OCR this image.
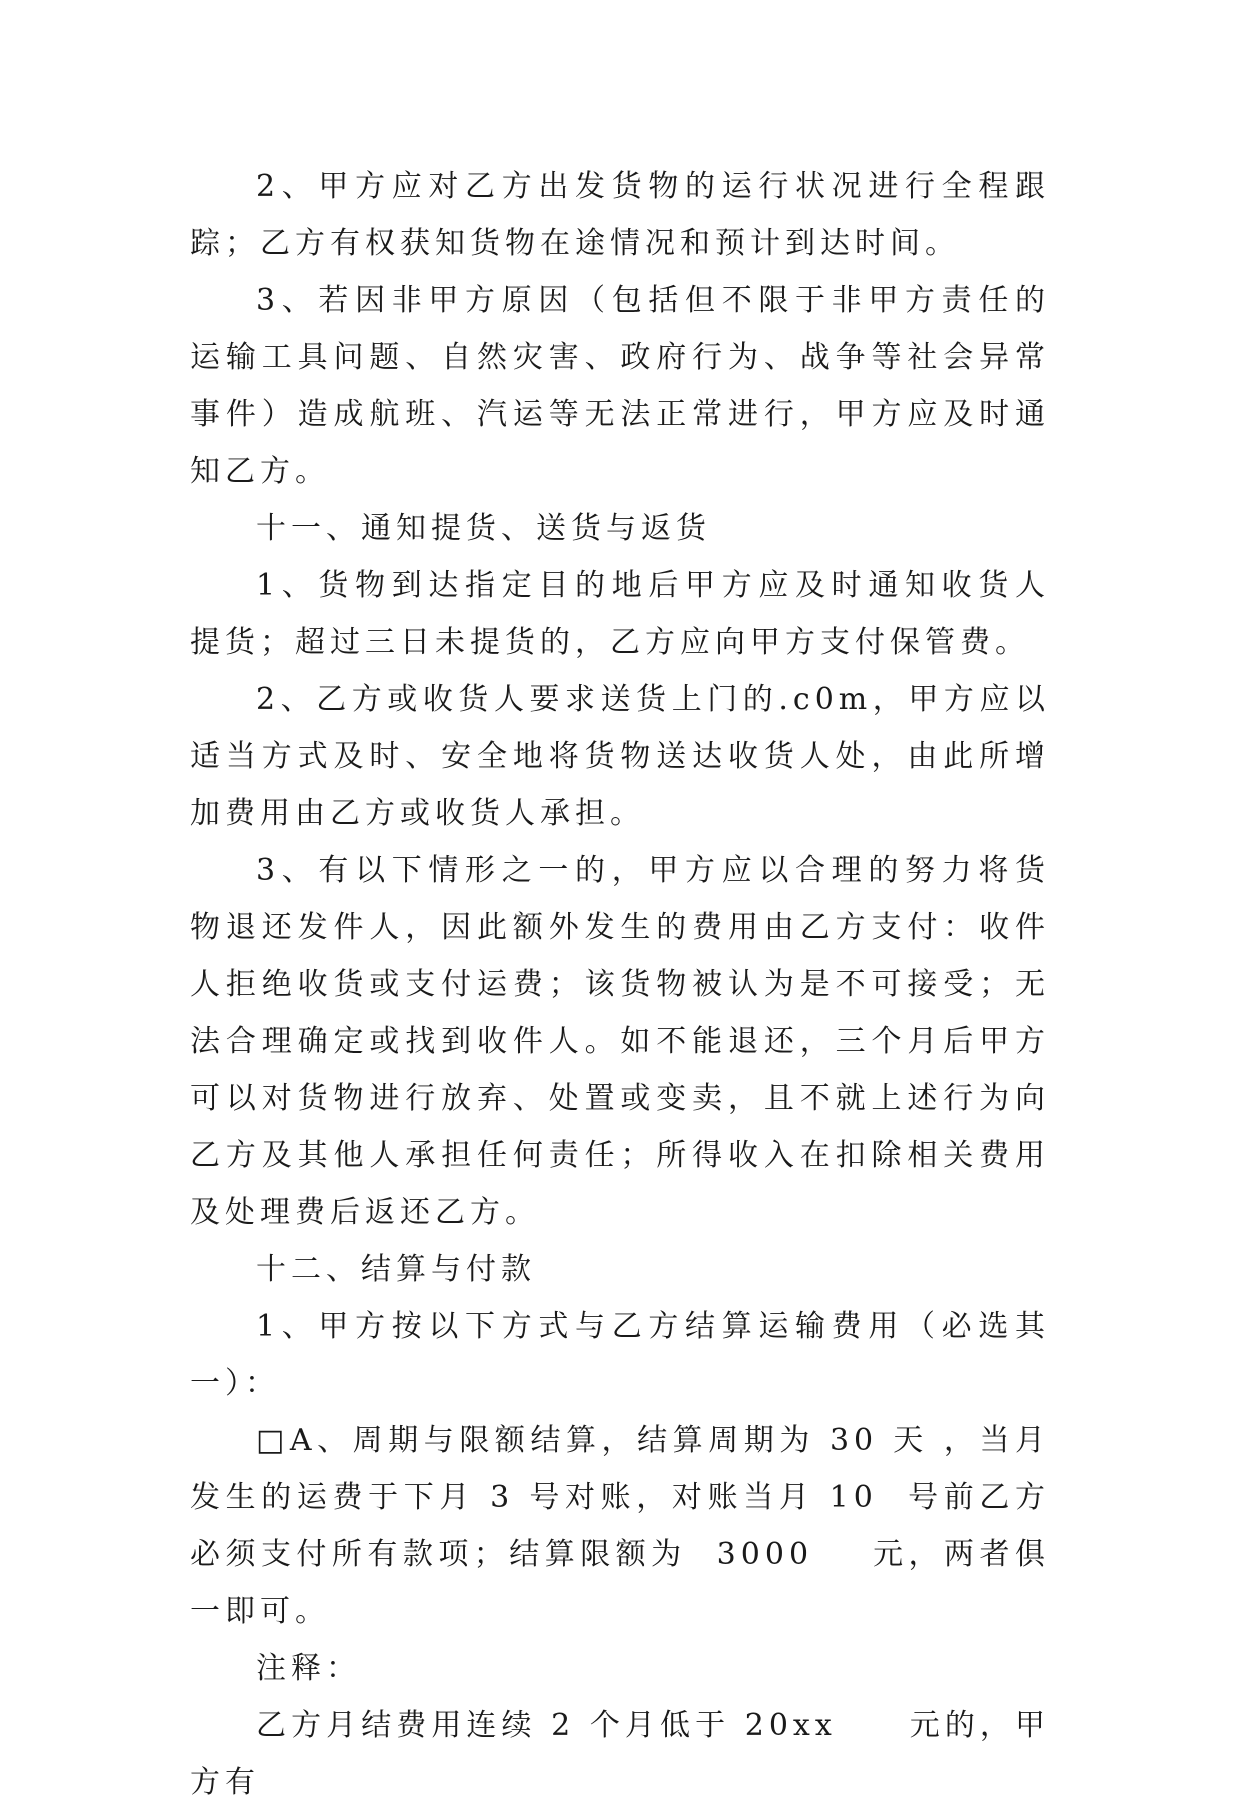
2、甲方应对乙方出发货物的运行状况进行全程跟踪；乙方有权获知货物在途情况和预计到达时间。

3、若因非甲方原因（包括但不限于非甲方责任的运输工具问题、自然灾害、政府行为、战争等社会异常事件）造成航班、汽运等无法正常进行，甲方应及时通知乙方。

十一、通知提货、送货与返货

1、货物到达指定目的地后甲方应及时通知收货人提货；超过三日未提货的，乙方应向甲方支付保管费。

2、乙方或收货人要求送货上门的.c0m，甲方应以适当方式及时、安全地将货物送达收货人处，由此所增加费用由乙方或收货人承担。

3、有以下情形之一的，甲方应以合理的努力将货物退还发件人，因此额外发生的费用由乙方支付：收件人拒绝收货或支付运费；该货物被认为是不可接受；无法合理确定或找到收件人。如不能退还，三个月后甲方可以对货物进行放弃、处置或变卖，且不就上述行为向乙方及其他人承担任何责任；所得收入在扣除相关费用及处理费后返还乙方。

十二、结算与付款

1、甲方按以下方式与乙方结算运输费用（必选其一）：

□A、周期与限额结算，结算周期为 30 天 ，当月发生的运费于下月 3 号对账，对账当月 10  号前乙方必须支付所有款项；结算限额为  3000    元，两者俱一即可。

注释：

乙方月结费用连续 2 个月低于 20xx     元的，甲方有
